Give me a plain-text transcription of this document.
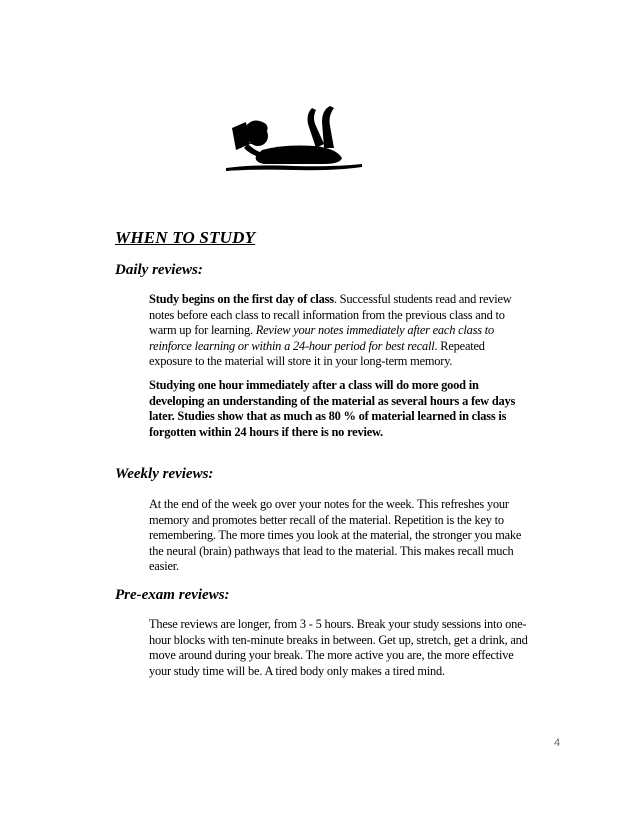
WHEN TO STUDY
Daily reviews:

Study begins on the first day of class. Successful students read and review notes before each class to recall information from the previous class and to warm up for learning. Review your notes immediately after each class to reinforce learning or within a 24-hour period for best recall. Repeated exposure to the material will store it in your long-term memory.

Studying one hour immediately after a class will do more good in developing an understanding of the material as several hours a few days later. Studies show that as much as 80 % of material learned in class is forgotten within 24 hours if there is no review.

Weekly reviews:

At the end of the week go over your notes for the week. This refreshes your memory and promotes better recall of the material. Repetition is the key to remembering. The more times you look at the material, the stronger you make the neural (brain) pathways that lead to the material. This makes recall much easier.

Pre-exam reviews:

These reviews are longer, from 3 - 5 hours. Break your study sessions into one-hour blocks with ten-minute breaks in between. Get up, stretch, get a drink, and move around during your break. The more active you are, the more effective your study time will be. A tired body only makes a tired mind.

4
